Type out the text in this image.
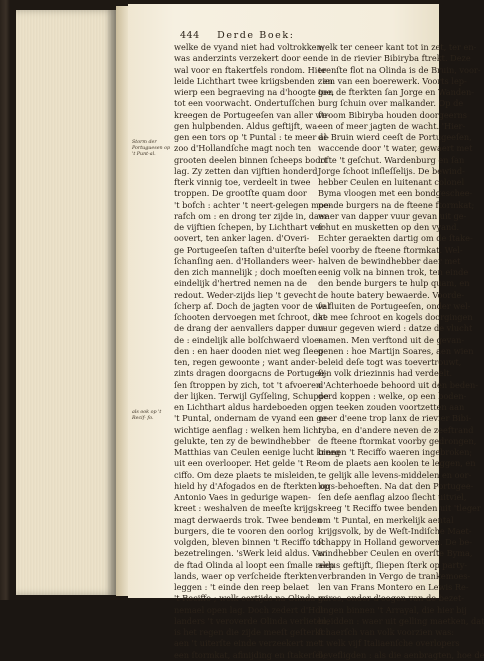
444 Derde Boek:
Storm der Portuguesen op 't Punt-al.
als ook op 't Recif- fo.
welke de vyand niet had voltrokken;
was anderzints verzekert door een
wal voor en ftakertfels rondom. Hier
leide Lichthart twee kriigsbenden : en
wierp een begraeving na d'hoogte toe,
tot een voorwacht. Ondertuſſchen
kreegen de Portugeeſen van aller we-
gen hulpbenden. Aldus geftijft, wa-
gen een tors op 't Puntal : te meer al-
zoo d'Hollandſche magt noch ten
grooten deelen binnen ſcheeps boort
lag. Zy zetten dan vijftien honderd
fterk vinnig toe, verdeelt in twee
troppen. De grootſte quam door
't bofch : achter 't neert-gelegen moe-
rafch om : en drong ter zijde in, daer
de vijftien ſchepen, by Lichthart ver-
oovert, ten anker lagen. d'Overi-
ge Portugeeſen taſten d'uiterſte be-
ſchanſing aen. d'Hollanders weer-
den zich mannelijk ; doch moeſten
eindelijk d'hertred nemen na de
redout. Weder-zijds liep 't gevecht
ſcherp af. Doch de jagten voor de wal
ſchooten dervoegen met ſchroot, dat
de drang der aenvallers dapper dun-
de : eindelijk alle bolſchwaerd vloe-
den : en haer dooden niet weg ſleep-
ten, regen gewoonte ; want ander-
zints dragen doorgacns de Portugee-
ſen ſtroppen by zich, tot 't afvoeren
der lijken. Terwijl Gyſſeling, Schuppe
en Lichthart aldus hardeboeden op
't Puntal, ondernam de vyand een ge-
wichtige aenflag : welken hem licht
gelukte, ten zy de bewindhebber
Matthias van Ceulen eenige lucht kreeg
uit een overlooper. Het gelde 't Re-
ciffo. Om deze plaets te misleiden,
hield hy d'Afogados en de fterkten op
Antonio Vaes in gedurige wapen-
kreet : weshalven de meeſte krijgs-
magt derwaerds trok. Twee benden
burgers, die te vooren den oorlog
volgden, bleven binnen 't Reciffo tot
bezetrelingen. 'sWerk leid aldus. Van
de ftad Olinda al loopt een ſmalle reep
lands, waer op verſcheide fterkten
leggen : 't einde den reep belaet
't Reciffo ; welk eertijds na Olinda ge-
nemael open lag. Doch zedert d'Hol-
landers 't veroverde Olinda verlieten,
is het regen die zijde meeſt geſterkt :
aen 't uiterſte einde verzeekert met
een ſtormkat, afinijding en ſtakerſel,
welk ter ceneer kant tot in zet, ter en-
de in de rievier Bibiryba ftrekt. Deze
teenſte flot na Olinda is de Bruin, voor-
zien van een boerewerk. Voorts lep-
gen de fterkten ſan Jorge en Wanden-
burg ſchuin over malkander. Op de
ftroom Bibiryba houden doorgeerns
een of meer jagten de wacht. 'Hier-
de Bruin wierd ceeſt de Portugeeſen,
waccende door 't water, gewaert met
lofte 't geſchut. Wardenburg en ſan
Jorge ſchoot inſleſſelijs. De bewind-
hebber Ceulen en luitenant colonel
Byma vloogen met een bondgeschee-
pende burgers na de fteene ftormkat;
waer van dapper vuur gevan uit ge-
ſchut en musketten op den vyand.
Echter geraekten dartig om de ſtake-
ſel voorby de fteene ftormkat. Wel-
halven de bewindhebber daer met
eenig volk na binnen trok, ten einde
den bende burgers te hulp quam, en
de houte batery bewaerde. Voorde-
ſe fluiten de Portugeeſen, onder wel-
ke mee ſchroot en kogels doorgingen
vuur gegeven wierd : datze de vlucht
namen. Men verftond uit de gevan-
genen : hoe Martijn Soares, aen wien
beleid deſe togt was toevertrouwt,
ſijn volk driezinnis had verdeelt.
d'Achterhoede behoord uit den beden-
derd koppen : welke, op een boden-
gen teeken zouden voortzetten aan
neer d'eene trop lanx de rievier Bibi-
ryba, en d'andere neven de zeeftrand
de fteene ftormkat voorby gedrongen,
binnen 't Reciffo waeren ingebroken;
om de plaets aen koolen te leggen, en
te gelijk alle levens-middelen en oor-
logs-behoeften. Na dat den Portugee-
ſen deſe aenflag alzoo ſlecht uitviel,
kreeg 't Reciffo twee benden uit 'tleger
om 't Puntal, en merkelijk aental
krijgsvolk, by de Weſt-Indiſche Maet-
ſchappy in Holland geworven. De be-
windhebber Ceulen en overſte Byma,
aldus geftijft, ſliepen ſterk op party-
verbranden in Vergo de trankemoes-
len van Frans Montero en Lewis Re-
mires, onder d'oogen van de bezet-
lingen binnen 't Arrayal, die hier bij
bleidden : waer uit gelling maetken, dat
ſchaerſch van volk voorzien was:
't welk vijf Italiaenſche overlopers
bevefligden : als die aenbragten, hoe de
